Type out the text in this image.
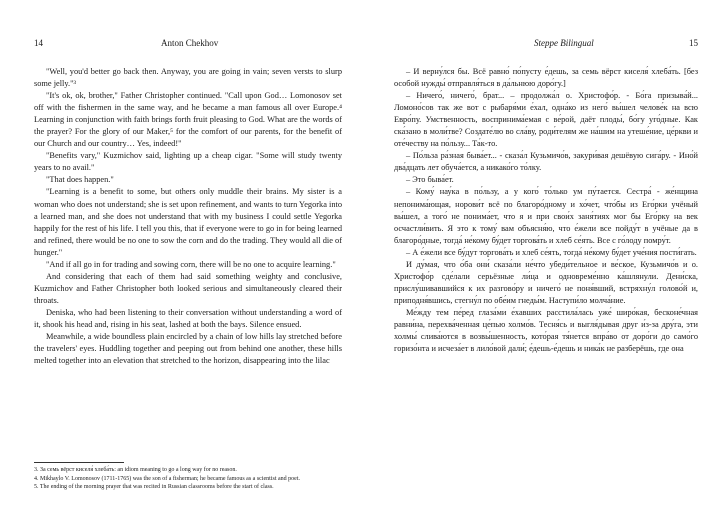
14	Anton Chekhov

"Well, you'd better go back then. Anyway, you are going in vain; seven versts to slurp some jelly."³

"It's ok, ok, brother," Father Christopher continued. "Call upon God… Lomonosov set off with the fishermen in the same way, and he became a man famous all over Europe.⁴ Learning in conjunction with faith brings forth fruit pleasing to God. What are the words of the prayer? For the glory of our Maker,⁵ for the comfort of our parents, for the benefit of our Church and our country… Yes, indeed!"

"Benefits vary," Kuzmichov said, lighting up a cheap cigar. "Some will study twenty years to no avail."

"That does happen."

"Learning is a benefit to some, but others only muddle their brains. My sister is a woman who does not understand; she is set upon refinement, and wants to turn Yegorka into a learned man, and she does not understand that with my business I could settle Yegorka happily for the rest of his life. I tell you this, that if everyone were to go in for being learned and refined, there would be no one to sow the corn and do the trading. They would all die of hunger."

"And if all go in for trading and sowing corn, there will be no one to acquire learning."

And considering that each of them had said something weighty and conclusive, Kuzmichov and Father Christopher both looked serious and simultaneously cleared their throats.

Deniska, who had been listening to their conversation without understanding a word of it, shook his head and, rising in his seat, lashed at both the bays. Silence ensued.

Meanwhile, a wide boundless plain encircled by a chain of low hills lay stretched before the travelers' eyes. Huddling together and peeping out from behind one another, these hills melted together into an elevation that stretched to the horizon, disappearing into the lilac

3. За семь вёрст киселя́ хлеба́ть: an idiom meaning to go a long way for no reason.

4. Mikhaylo V. Lomonosov (1711-1765) was the son of a fisherman; he became famous as a scientist and poet.

5. The ending of the morning prayer that was recited in Russian classrooms before the start of class.

Steppe Bilingual	15

– И верну́лся бы. Всё равно́ по́пусту е́дешь, за семь вёрст киселя́ хлеба́ть. [без особой нужды́ отправля́ться в да́льнюю доро́гу.]

– Ничего́, ничего́, брат... – продолжа́л о. Христофо́р. - Бо́га призыва́й... Ломоно́сов так же вот с рыбаря́ми е́хал, одна́ко из него́ вы́шел челове́к на всю Евро́пу. Умственность, воспринима́емая с ве́рой, даёт плоды́, бо́гу уго́дные. Как ска́зано в моли́тве? Создате́лю во сла́ву, роди́телям же на́шим на утеше́ние, це́ркви и оте́честву на по́льзу... Та́к-то.

– По́льза ра́зная быва́ет... - сказа́л Кузьмичо́в, закури́вая дешёвую сига́ру. - Ино́й два́дцать лет обуча́ется, а никако́го то́лку.

– Это быва́ет.

– Кому́ нау́ка в по́льзу, а у кого́ то́лько ум пу́тается. Сестра́ - же́нщина непонима́ющая, норови́т всё по благоро́дному и хо́чет, что́бы из Его́рки учёный вы́шел, а того́ не понима́ет, что я и при свои́х заня́тиях мог бы Его́рку на век осчастли́вить. Я это к тому́ вам объясня́ю, что е́жели все пойду́т в учёные да в благоро́дные, тогда́ не́кому бу́дет торгова́ть и хлеб се́ять. Все с го́лоду помру́т.

– А е́жели все бу́дут торгова́ть и хлеб се́ять, тогда́ не́кому бу́дет уче́ния пости́гать.

И ду́мая, что о́ба они́ сказа́ли не́что убеди́тельное и ве́ское, Кузьмичо́в и о. Христофо́р сде́лали серьёзные ли́ца и одновреме́нно ка́шлянули. Дени́ска, прислу́шивавшийся к их разгово́ру и ничего́ не поня́вший, встряхну́л голово́й и, приподня́вшись, стегну́л по обе́им гнеды́м. Наступи́ло молча́ние.

Ме́жду тем пе́ред глаза́ми е́хавших расстила́лась уже́ широ́кая, бесконе́чная равни́на, перехва́ченная це́пью холмо́в. Тесня́сь и выгля́дывая друг и́з-за дру́га, эти холмы́ слива́ются в возвы́шенность, кото́рая тя́нется впра́во от доро́ги до само́го горизо́нта и исчеза́ет в лило́вой дали́; е́дешь-е́дешь и ника́к не разберёшь, где она
